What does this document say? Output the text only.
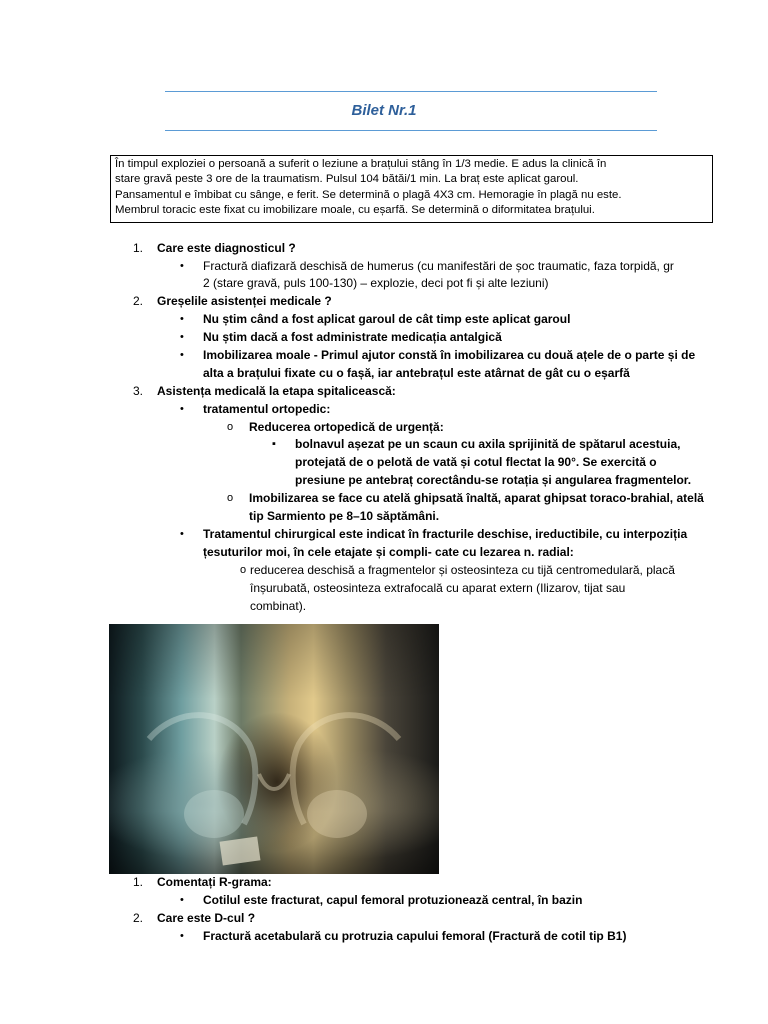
Bilet Nr.1
În timpul exploziei o persoană a suferit o leziune a brațului stâng în 1/3 medie. E adus la clinică în
stare gravă peste 3 ore de la traumatism. Pulsul 104 bătăi/1 min. La braț este aplicat garoul.
Pansamentul e îmbibat cu sânge, e ferit. Se determină o plagă 4X3 cm. Hemoragie în plagă nu este.
Membrul toracic este fixat cu imobilizare moale, cu eșarfă. Se determină o diformitatea brațului.
1. Care este diagnosticul ?
• Fractură diafizară deschisă de humerus (cu manifestări de șoc traumatic, faza torpidă, gr
2 (stare gravă, puls 100-130) – explozie, deci pot fi și alte leziuni)
2. Greșelile asistenței medicale ?
• Nu știm când a fost aplicat garoul de cât timp este aplicat garoul
• Nu știm dacă a fost administrate medicația antalgică
• Imobilizarea moale - Primul ajutor constă în imobilizarea cu două ațele de o parte și de
alta a brațului fixate cu o fașă, iar antebrațul este atârnat de gât cu o eșarfă
3. Asistența medicală la etapa spitalicească:
• tratamentul ortopedic:
o Reducerea ortopedică de urgență:
▪ bolnavul așezat pe un scaun cu axila sprijinită de spătarul acestuia,
protejată de o pelotă de vată și cotul flectat la 90°. Se exercită o
presiune pe antebraț corectându-se rotația și angularea fragmentelor.
o Imobilizarea se face cu atelă ghipsată înaltă, aparat ghipsat toraco-brahial, atelă
tip Sarmiento pe 8–10 săptămâni.
• Tratamentul chirurgical este indicat în fracturile deschise, ireductibile, cu interpoziția
țesuturilor moi, în cele etajate și compli- cate cu lezarea n. radial:
o reducerea deschisă a fragmentelor și osteosinteza cu tijă centromedulară, placă
înșurubată, osteosinteza extrafocală cu aparat extern (Ilizarov, tijat sau
combinat).
1. Comentați R-grama:
• Cotilul este fracturat, capul femoral protuzionează central, în bazin
2. Care este D-cul ?
• Fractură acetabulară cu protruzia capului femoral (Fractură de cotil tip B1)
